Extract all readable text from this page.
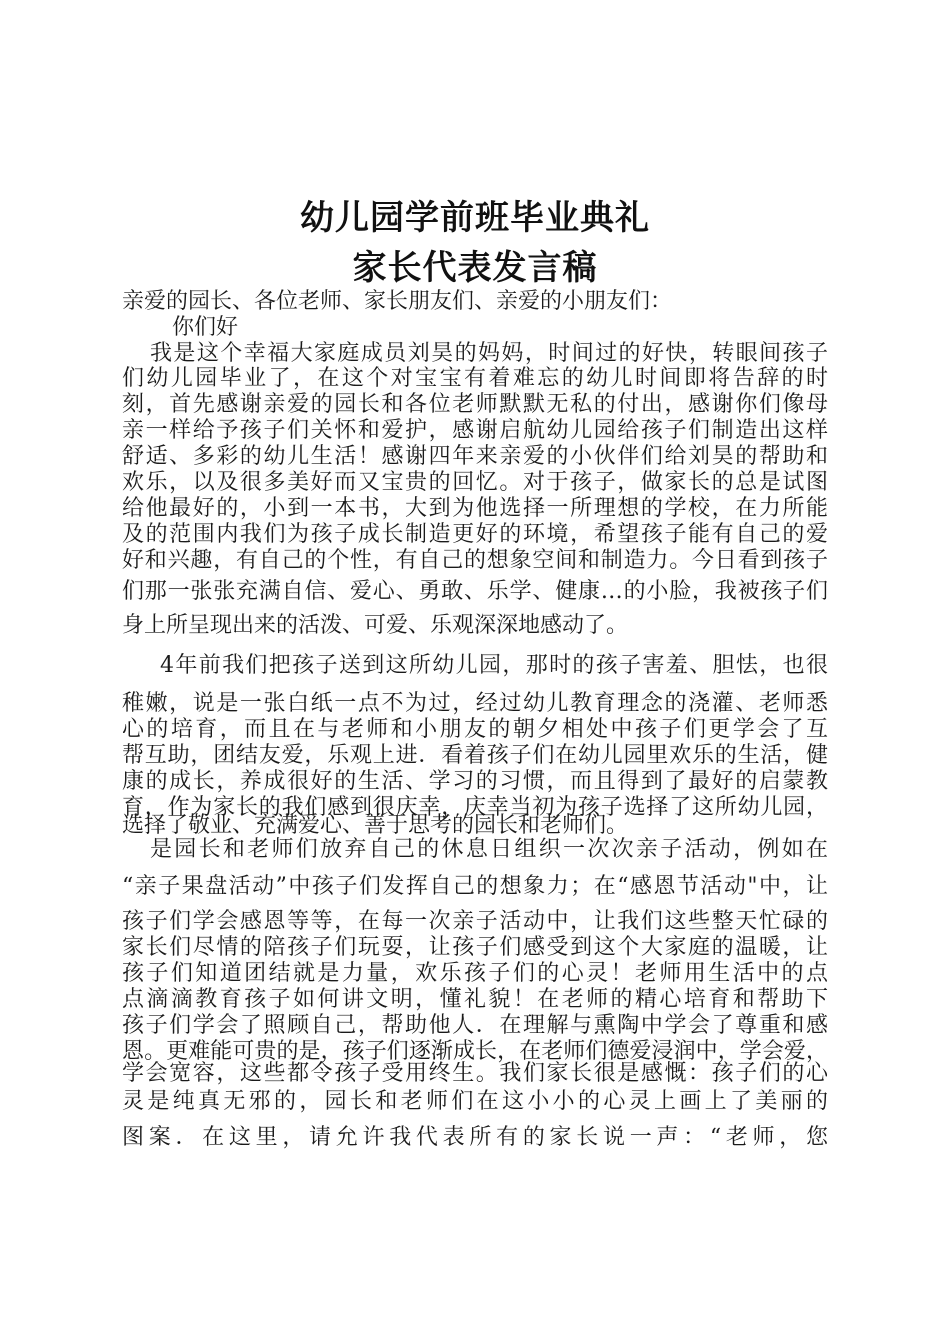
幼儿园学前班毕业典礼
家长代表发言稿
亲爱的园长、各位老师、家长朋友们、亲爱的小朋友们：
你们好
我是这个幸福大家庭成员刘昊的妈妈，时间过的好快，转眼间孩子
们幼儿园毕业了，在这个对宝宝有着难忘的幼儿时间即将告辞的时
刻，首先感谢亲爱的园长和各位老师默默无私的付出，感谢你们像母
亲一样给予孩子们关怀和爱护，感谢启航幼儿园给孩子们制造出这样
舒适、多彩的幼儿生活！感谢四年来亲爱的小伙伴们给刘昊的帮助和
欢乐，以及很多美好而又宝贵的回忆。对于孩子，做家长的总是试图
给他最好的，小到一本书，大到为他选择一所理想的学校，在力所能
及的范围内我们为孩子成长制造更好的环境，希望孩子能有自己的爱
好和兴趣，有自己的个性，有自己的想象空间和制造力。今日看到孩子
们那一张张充满自信、爱心、勇敢、乐学、健康…的小脸，我被孩子们
身上所呈现出来的活泼、可爱、乐观深深地感动了。
4年前我们把孩子送到这所幼儿园，那时的孩子害羞、胆怯，也很
稚嫩，说是一张白纸一点不为过，经过幼儿教育理念的浇灌、老师悉
心的培育，而且在与老师和小朋友的朝夕相处中孩子们更学会了互
帮互助，团结友爱，乐观上进．看着孩子们在幼儿园里欢乐的生活，健
康的成长，养成很好的生活、学习的习惯，而且得到了最好的启蒙教
育，作为家长的我们感到很庆幸，庆幸当初为孩子选择了这所幼儿园，
选择了敬业、充满爱心、善于思考的园长和老师们。
是园长和老师们放弃自己的休息日组织一次次亲子活动，例如在
“亲子果盘活动”中孩子们发挥自己的想象力；在“感恩节活动"中，让
孩子们学会感恩等等，在每一次亲子活动中，让我们这些整天忙碌的
家长们尽情的陪孩子们玩耍，让孩子们感受到这个大家庭的温暖，让
孩子们知道团结就是力量，欢乐孩子们的心灵！老师用生活中的点
点滴滴教育孩子如何讲文明，懂礼貌！在老师的精心培育和帮助下
孩子们学会了照顾自己，帮助他人．在理解与熏陶中学会了尊重和感
恩。更难能可贵的是，孩子们逐渐成长，在老师们德爱浸润中，学会爱，
学会宽容，这些都令孩子受用终生。我们家长很是感慨：孩子们的心
灵是纯真无邪的，园长和老师们在这小小的心灵上画上了美丽的
图案．在这里，请允许我代表所有的家长说一声：“老师，您
